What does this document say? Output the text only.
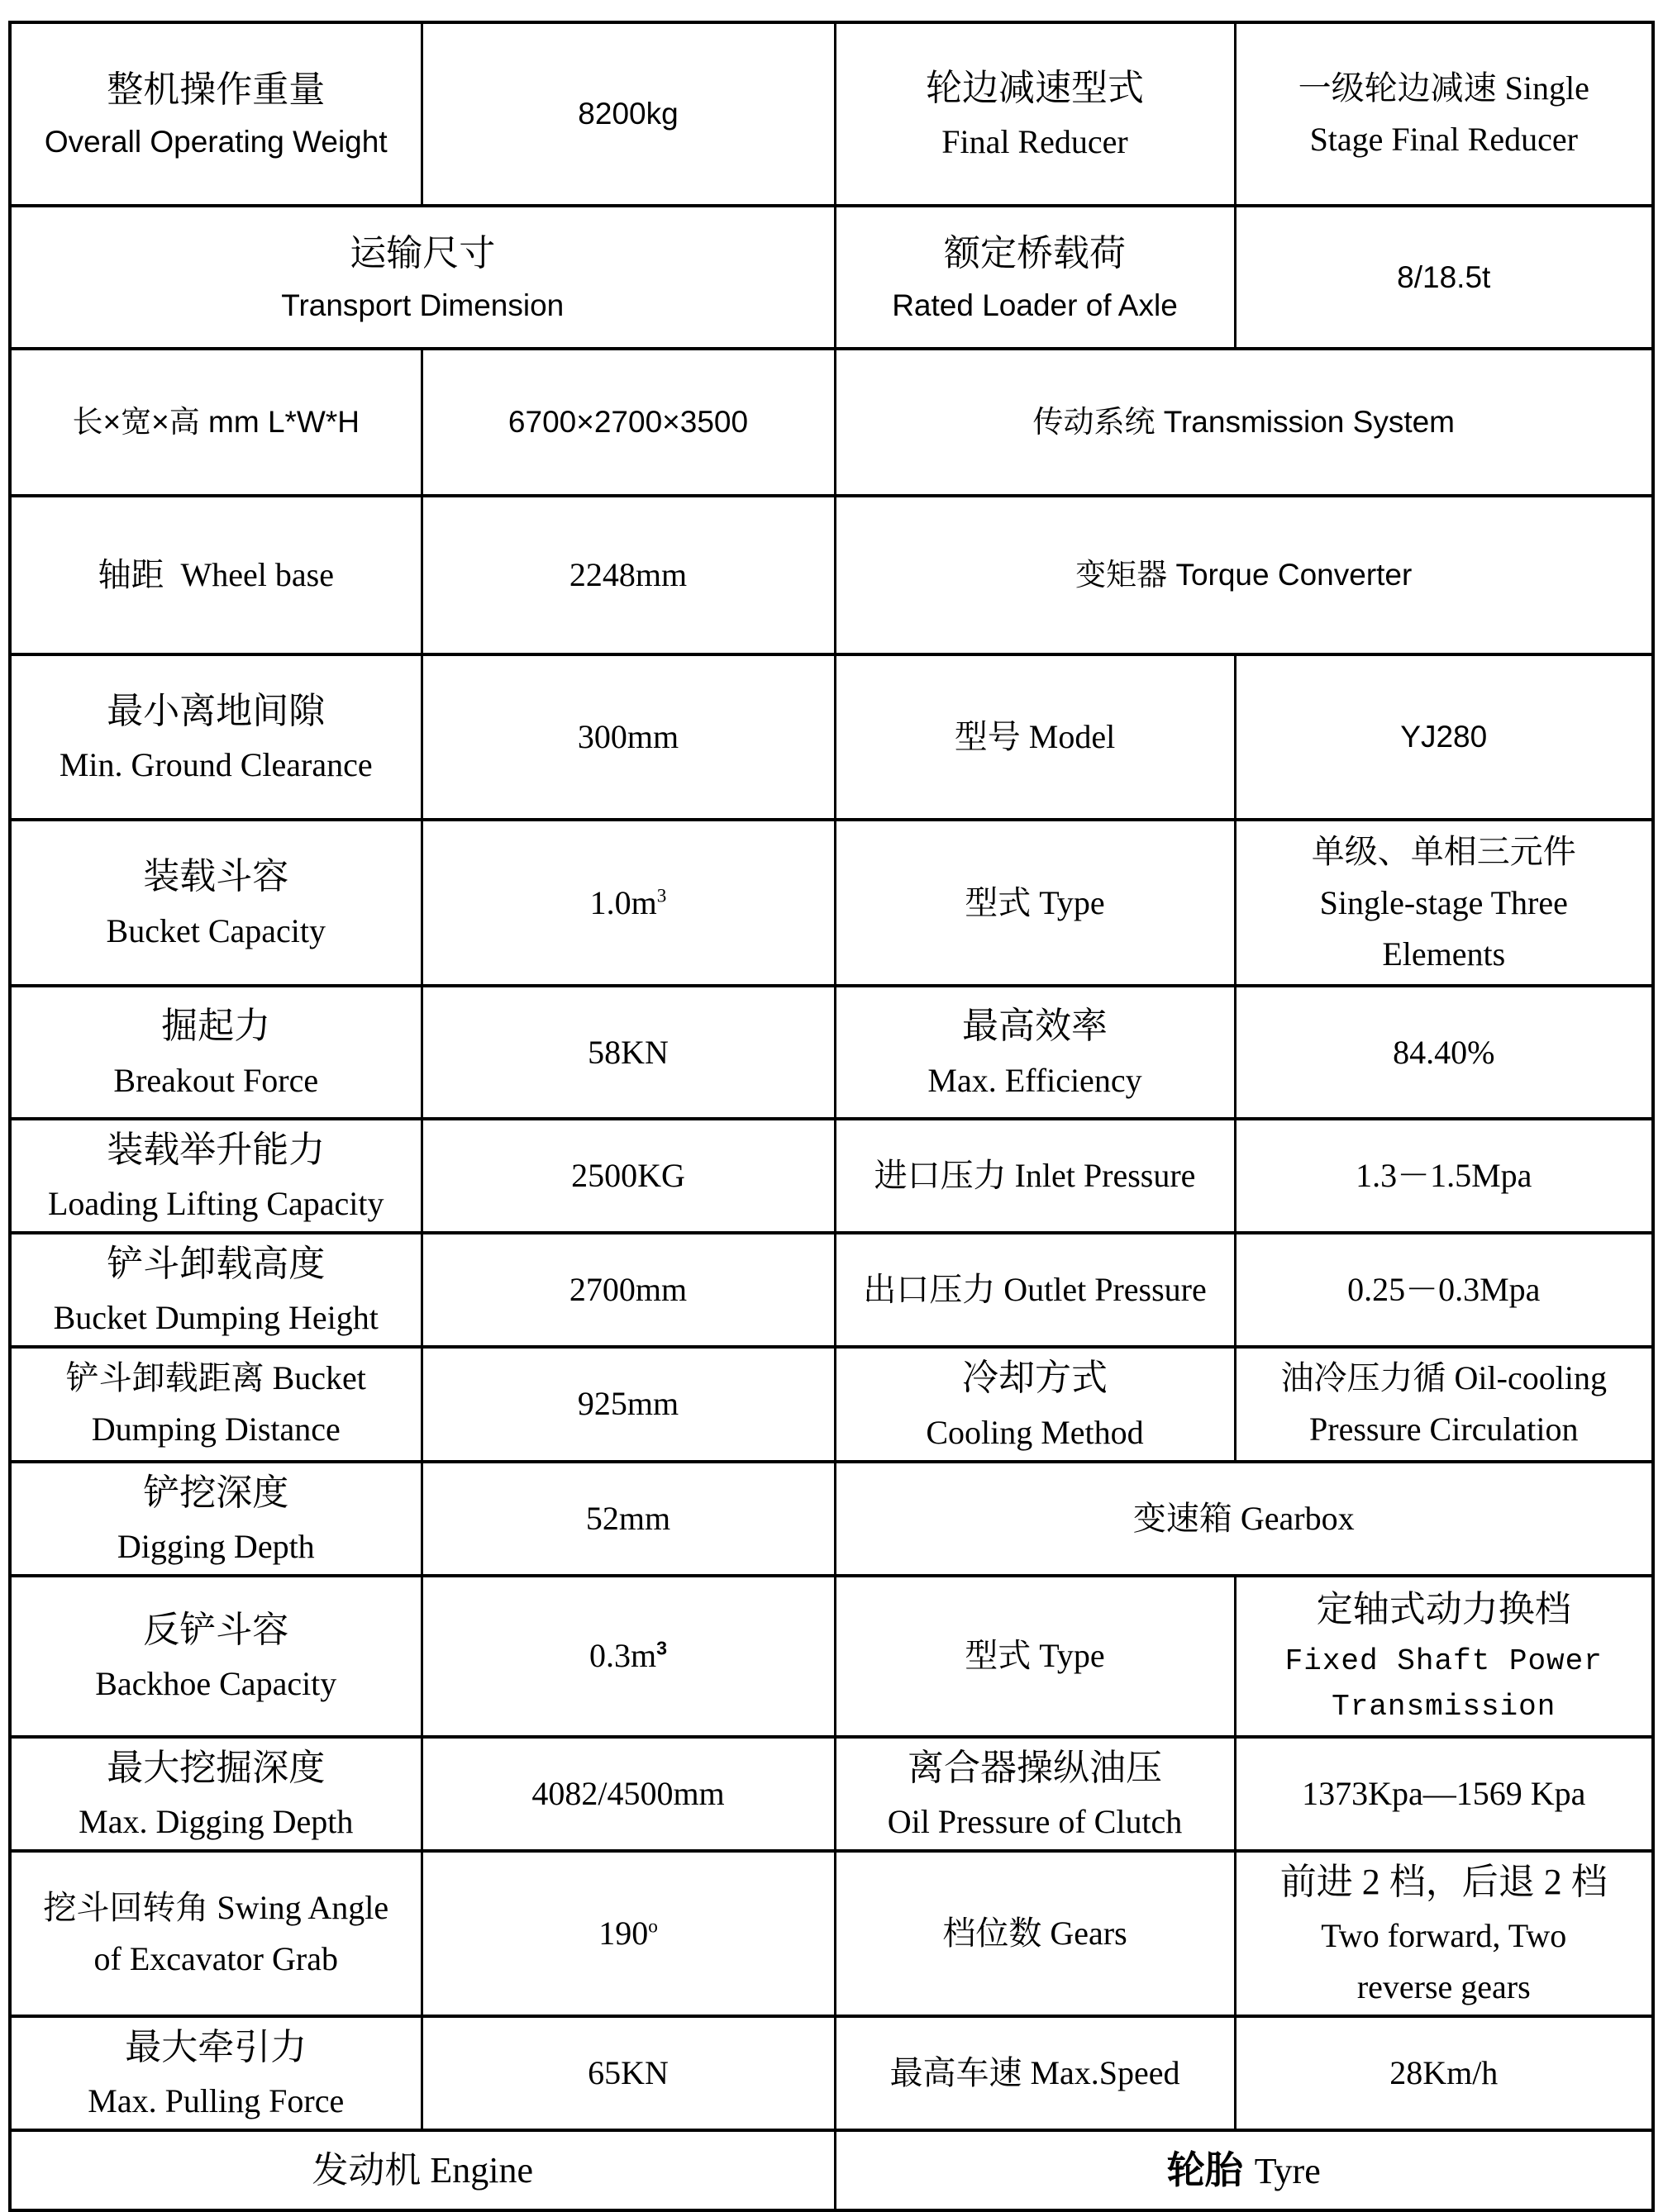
整机操作重量
Overall Operating Weight	8200kg	轮边减速型式
Final Reducer	一级轮边减速 Single
Stage Final Reducer

运输尺寸
Transport Dimension		额定桥载荷
Rated Loader of Axle	8/18.5t

长×宽×高 mm L*W*H	6700×2700×3500	传动系统 Transmission System	

轴距  Wheel base	2248mm	变矩器 Torque Converter	

最小离地间隙
Min. Ground Clearance	300mm	型号 Model	YJ280

装载斗容
Bucket Capacity	$1.0m^3$	型式 Type	单级、单相三元件
Single-stage Three
Elements

掘起力
Breakout Force	58KN	最高效率
Max. Efficiency	84.40%

装载举升能力
Loading Lifting Capacity	2500KG	进口压力 Inlet Pressure	1.3－1.5Mpa

铲斗卸载高度
Bucket Dumping Height	2700mm	出口压力 Outlet Pressure	0.25－0.3Mpa

铲斗卸载距离 Bucket
Dumping Distance	925mm	冷却方式
Cooling Method	油冷压力循 Oil-cooling
Pressure Circulation

铲挖深度
Digging Depth	52mm	变速箱 Gearbox	

反铲斗容
Backhoe Capacity	$0.3m^3$	型式 Type	定轴式动力换档
Fixed Shaft Power
Transmission

最大挖掘深度
Max. Digging Depth	4082/4500mm	离合器操纵油压
Oil Pressure of Clutch	1373Kpa—1569 Kpa

挖斗回转角 Swing Angle
of Excavator Grab	190$^o$	档位数 Gears	前进 2 档，后退 2 档
Two forward, Two
reverse gears

最大牵引力
Max. Pulling Force	65KN	最高车速 Max.Speed	28Km/h

发动机 Engine		轮胎 Tyre	
